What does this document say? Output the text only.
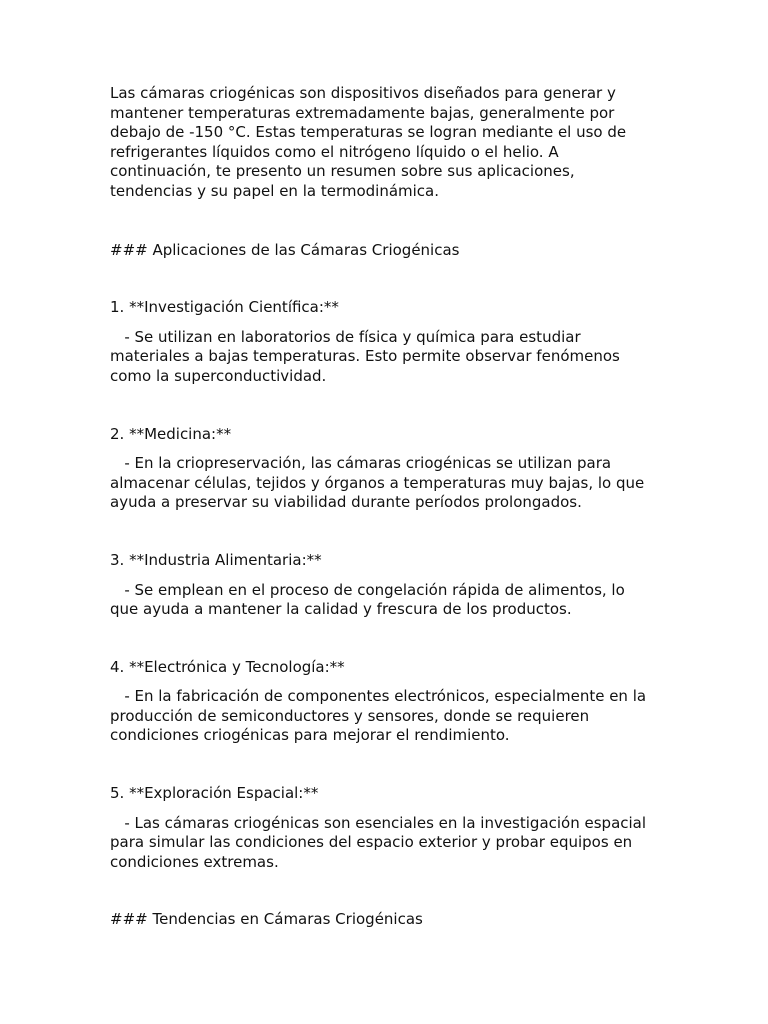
Las cámaras criogénicas son dispositivos diseñados para generar y mantener temperaturas extremadamente bajas, generalmente por debajo de -150 °C. Estas temperaturas se logran mediante el uso de refrigerantes líquidos como el nitrógeno líquido o el helio. A continuación, te presento un resumen sobre sus aplicaciones, tendencias y su papel en la termodinámica.

### Aplicaciones de las Cámaras Criogénicas

1. **Investigación Científica:**

- Se utilizan en laboratorios de física y química para estudiar materiales a bajas temperaturas. Esto permite observar fenómenos como la superconductividad.

2. **Medicina:**

- En la criopreservación, las cámaras criogénicas se utilizan para almacenar células, tejidos y órganos a temperaturas muy bajas, lo que ayuda a preservar su viabilidad durante períodos prolongados.

3. **Industria Alimentaria:**

- Se emplean en el proceso de congelación rápida de alimentos, lo que ayuda a mantener la calidad y frescura de los productos.

4. **Electrónica y Tecnología:**

- En la fabricación de componentes electrónicos, especialmente en la producción de semiconductores y sensores, donde se requieren condiciones criogénicas para mejorar el rendimiento.

5. **Exploración Espacial:**

- Las cámaras criogénicas son esenciales en la investigación espacial para simular las condiciones del espacio exterior y probar equipos en condiciones extremas.

### Tendencias en Cámaras Criogénicas
